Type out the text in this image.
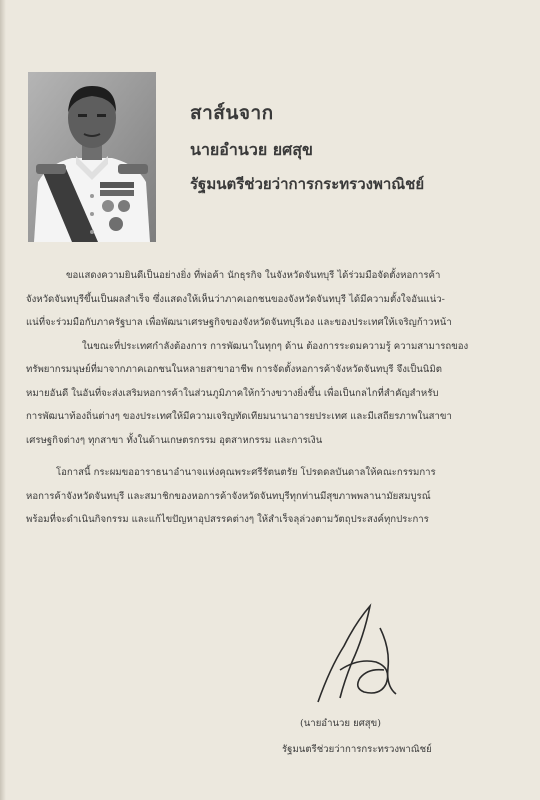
สาส์นจาก
นายอำนวย ยศสุข
รัฐมนตรีช่วยว่าการกระทรวงพาณิชย์
ขอแสดงความยินดีเป็นอย่างยิ่ง ที่พ่อค้า นักธุรกิจ ในจังหวัดจันทบุรี ได้ร่วมมือจัดตั้งหอการค้า
จังหวัดจันทบุรีขึ้นเป็นผลสำเร็จ ซึ่งแสดงให้เห็นว่าภาคเอกชนของจังหวัดจันทบุรี ได้มีความตั้งใจอันแน่ว-
แน่ที่จะร่วมมือกับภาครัฐบาล เพื่อพัฒนาเศรษฐกิจของจังหวัดจันทบุรีเอง และของประเทศให้เจริญก้าวหน้า
ในขณะที่ประเทศกำลังต้องการ การพัฒนาในทุกๆ ด้าน ต้องการระดมความรู้ ความสามารถของ
ทรัพยากรมนุษย์ที่มาจากภาคเอกชนในหลายสาขาอาชีพ การจัดตั้งหอการค้าจังหวัดจันทบุรี จึงเป็นนิมิต
หมายอันดี ในอันที่จะส่งเสริมหอการค้าในส่วนภูมิภาคให้กว้างขวางยิ่งขึ้น เพื่อเป็นกลไกที่สำคัญสำหรับ
การพัฒนาท้องถิ่นต่างๆ ของประเทศให้มีความเจริญทัดเทียมนานาอารยประเทศ และมีเสถียรภาพในสาขา
เศรษฐกิจต่างๆ ทุกสาขา ทั้งในด้านเกษตรกรรม อุตสาหกรรม และการเงิน
โอกาสนี้ กระผมขออาราธนาอำนาจแห่งคุณพระศรีรัตนตรัย โปรดดลบันดาลให้คณะกรรมการ
หอการค้าจังหวัดจันทบุรี และสมาชิกของหอการค้าจังหวัดจันทบุรีทุกท่านมีสุขภาพพลานามัยสมบูรณ์
พร้อมที่จะดำเนินกิจกรรม และแก้ไขปัญหาอุปสรรคต่างๆ ให้สำเร็จลุล่วงตามวัตถุประสงค์ทุกประการ
(นายอำนวย ยศสุข)
รัฐมนตรีช่วยว่าการกระทรวงพาณิชย์
